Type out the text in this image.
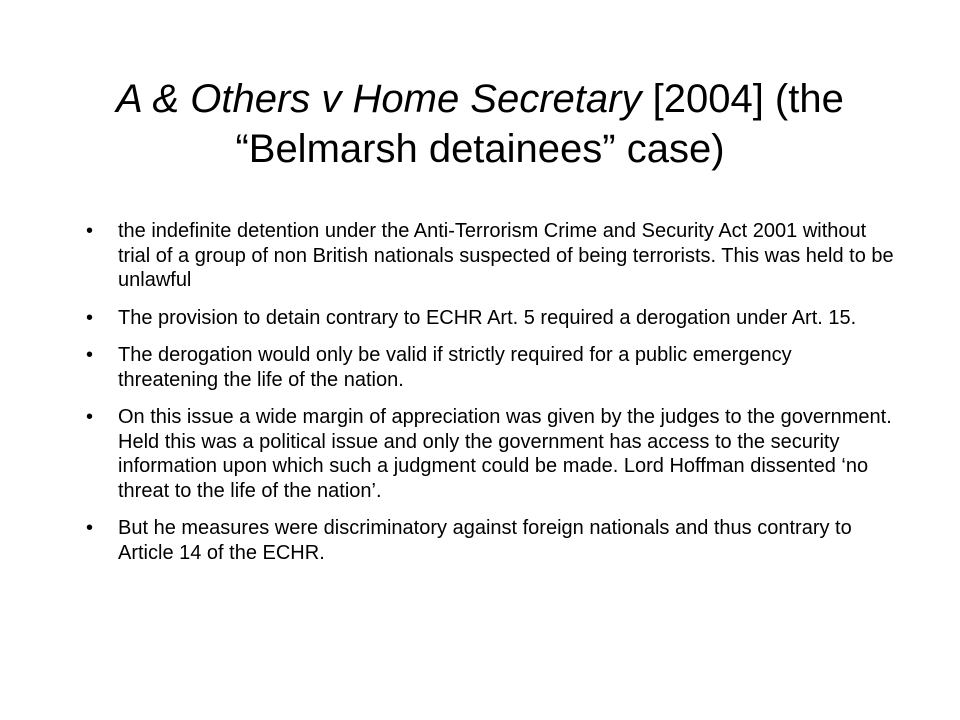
A & Others v Home Secretary [2004] (the “Belmarsh detainees” case)
• the indefinite detention under the Anti-Terrorism Crime and Security Act 2001 without trial of a group of non British nationals suspected of being terrorists. This was held to be unlawful
• The provision to detain contrary to ECHR Art. 5 required a derogation under Art. 15.
• The derogation would only be valid if strictly required for a public emergency threatening the life of the nation.
• On this issue a wide margin of appreciation was given by the judges to the government. Held this was a political issue and only the government has access to the security information upon which such a judgment could be made. Lord Hoffman dissented ‘no threat to the life of the nation’.
• But he measures were discriminatory against foreign nationals and thus contrary to Article 14 of the ECHR.
